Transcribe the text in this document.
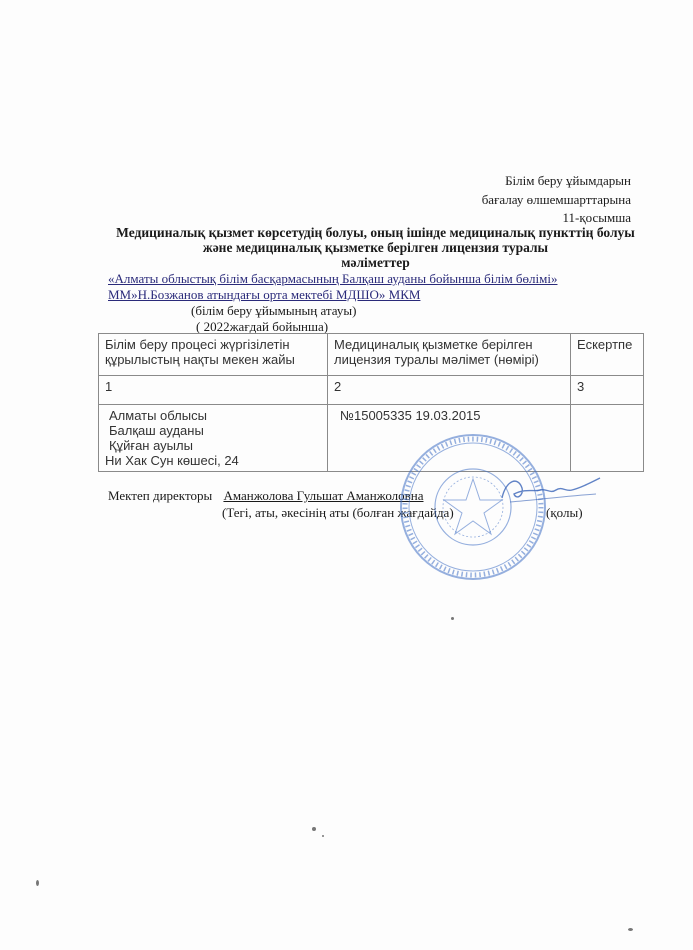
Білім беру ұйымдарын
бағалау өлшемшарттарына
11-қосымша
Медициналық қызмет көрсетудің болуы, оның ішінде медициналық пункттің болуы
және медициналық қызметке берілген лицензия туралы
мәліметтер
«Алматы облыстық білім басқармасының Балқаш ауданы бойынша білім бөлімі»
ММ»Н.Бозжанов атындағы орта мектебі МДШО» МКМ
(білім беру ұйымының атауы)
( 2022жағдай бойынша)
Білім беру процесі жүргізілетін құрылыстың нақты мекен жайы	Медициналық қызметке берілген лицензия туралы мәлімет (нөмірі)	Ескертпе
1	2	3

Алматы облысы
Балқаш ауданы
Құйған ауылы
Ни Хак Сун көшесі, 24	№15005335 19.03.2015	
Мектеп директоры Аманжолова Гульшат Аманжоловна
(Тегі, аты, әкесінің аты (болған жағдайда)	(қолы)
